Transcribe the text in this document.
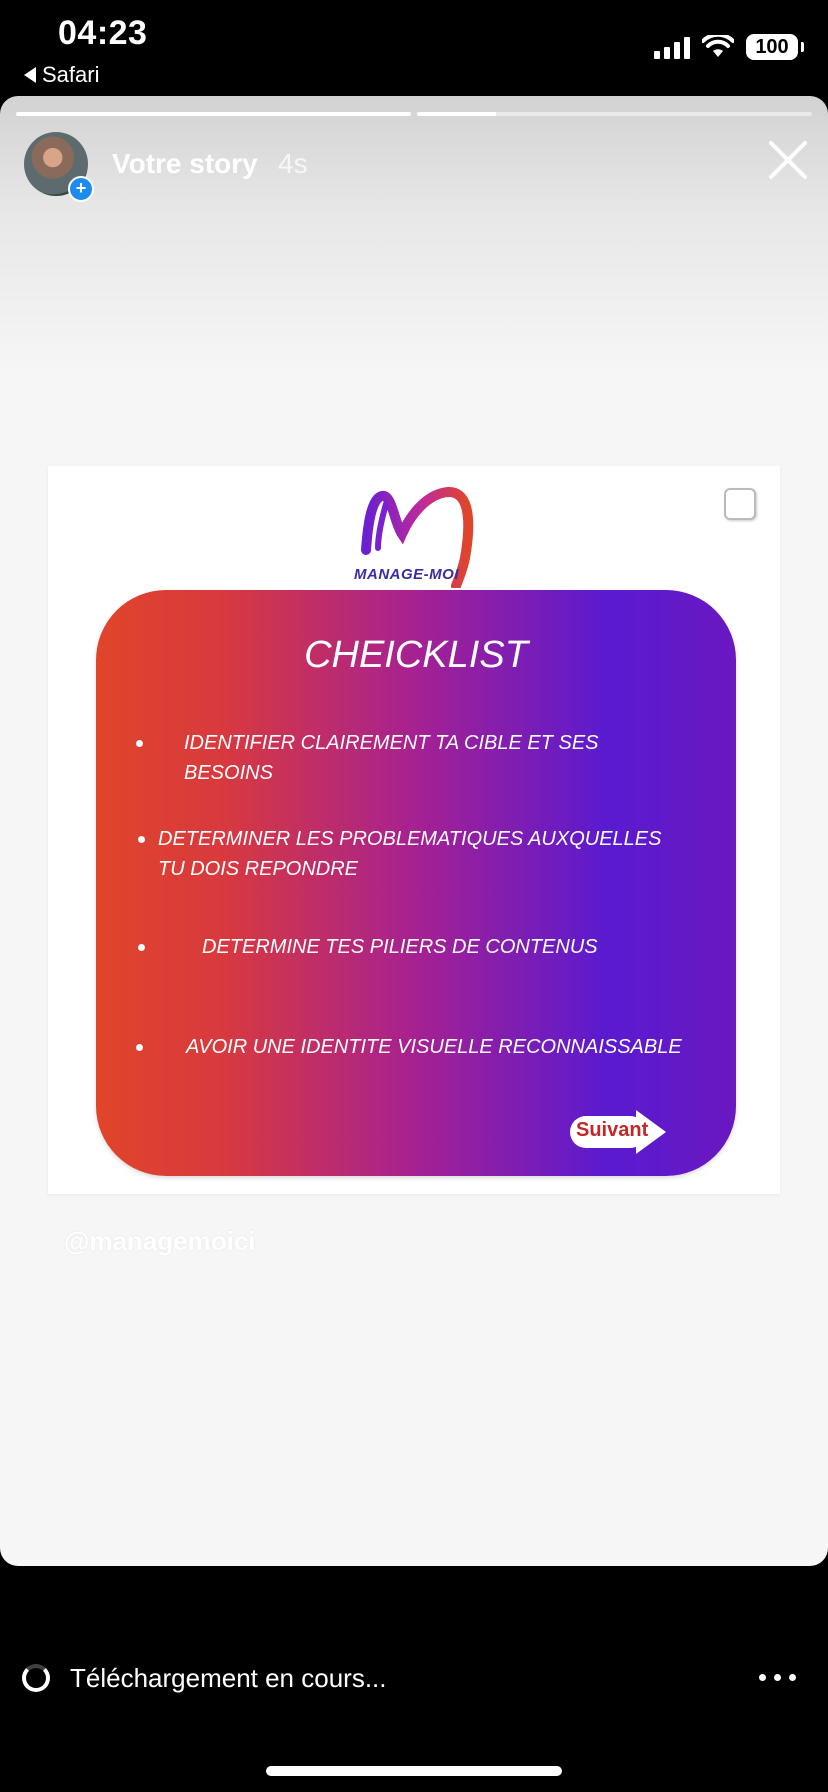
04:23
Safari
100
+
Votre story 4s
MANAGE-MOI
CHEICKLIST
IDENTIFIER CLAIREMENT TA CIBLE ET SES BESOINS
DETERMINER LES PROBLEMATIQUES AUXQUELLES TU DOIS REPONDRE
DETERMINE TES PILIERS DE CONTENUS
AVOIR UNE IDENTITE VISUELLE RECONNAISSABLE
Suivant
@managemoici
Téléchargement en cours...
